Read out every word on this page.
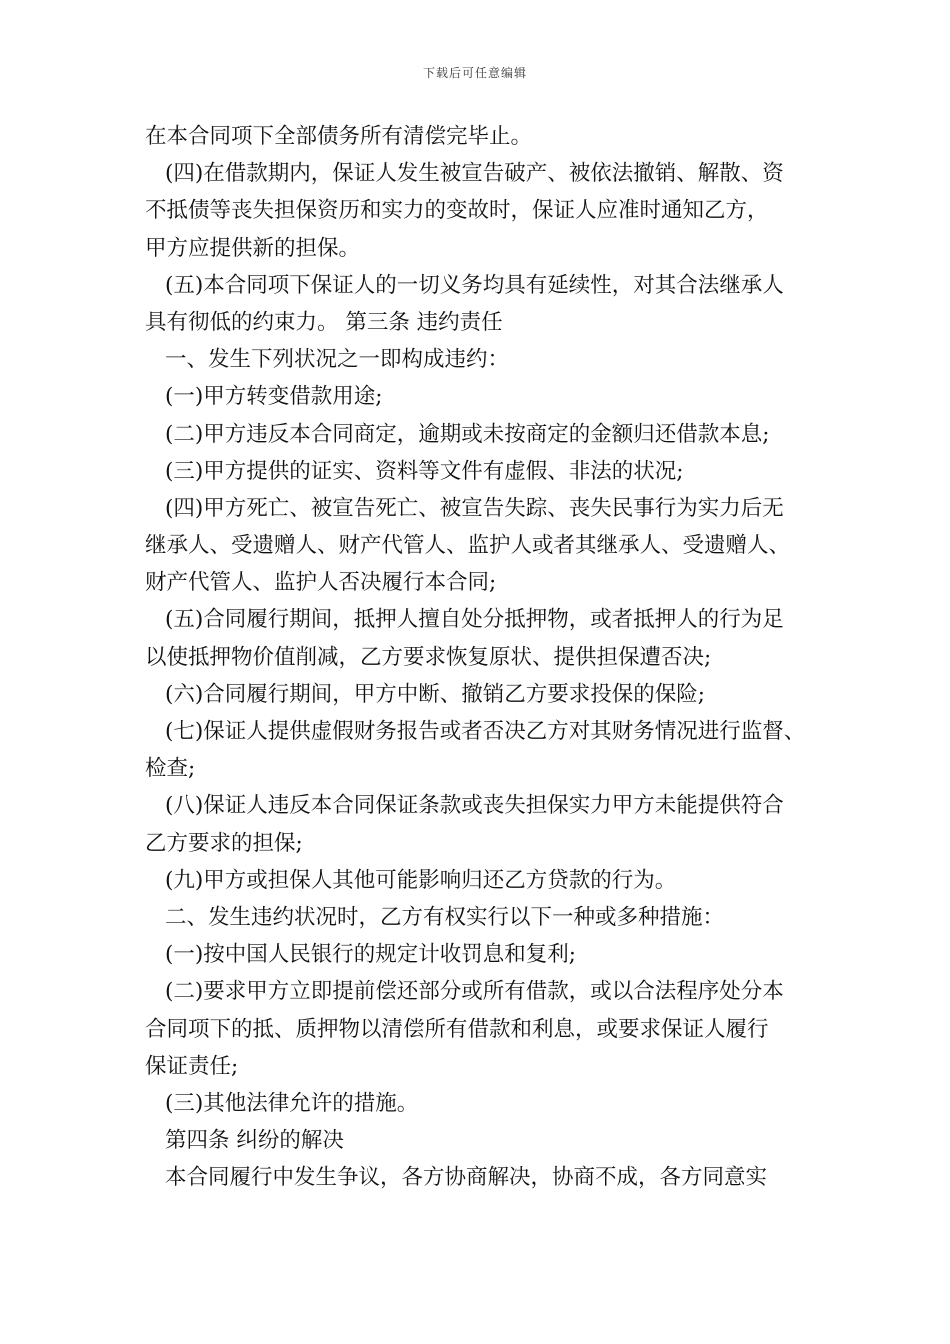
下载后可任意编辑
在本合同项下全部债务所有清偿完毕止。
(四)在借款期内，保证人发生被宣告破产、被依法撤销、解散、资
不抵债等丧失担保资历和实力的变故时，保证人应准时通知乙方，
甲方应提供新的担保。
(五)本合同项下保证人的一切义务均具有延续性，对其合法继承人
具有彻低的约束力。 第三条 违约责任
一、发生下列状况之一即构成违约：
(一)甲方转变借款用途;
(二)甲方违反本合同商定，逾期或未按商定的金额归还借款本息;
(三)甲方提供的证实、资料等文件有虚假、非法的状况;
(四)甲方死亡、被宣告死亡、被宣告失踪、丧失民事行为实力后无
继承人、受遗赠人、财产代管人、监护人或者其继承人、受遗赠人、
财产代管人、监护人否决履行本合同;
(五)合同履行期间，抵押人擅自处分抵押物，或者抵押人的行为足
以使抵押物价值削减，乙方要求恢复原状、提供担保遭否决;
(六)合同履行期间，甲方中断、撤销乙方要求投保的保险;
(七)保证人提供虚假财务报告或者否决乙方对其财务情况进行监督、
检查;
(八)保证人违反本合同保证条款或丧失担保实力甲方未能提供符合
乙方要求的担保;
(九)甲方或担保人其他可能影响归还乙方贷款的行为。
二、发生违约状况时，乙方有权实行以下一种或多种措施：
(一)按中国人民银行的规定计收罚息和复利;
(二)要求甲方立即提前偿还部分或所有借款，或以合法程序处分本
合同项下的抵、质押物以清偿所有借款和利息，或要求保证人履行
保证责任;
(三)其他法律允许的措施。
第四条 纠纷的解决
本合同履行中发生争议，各方协商解决，协商不成，各方同意实
